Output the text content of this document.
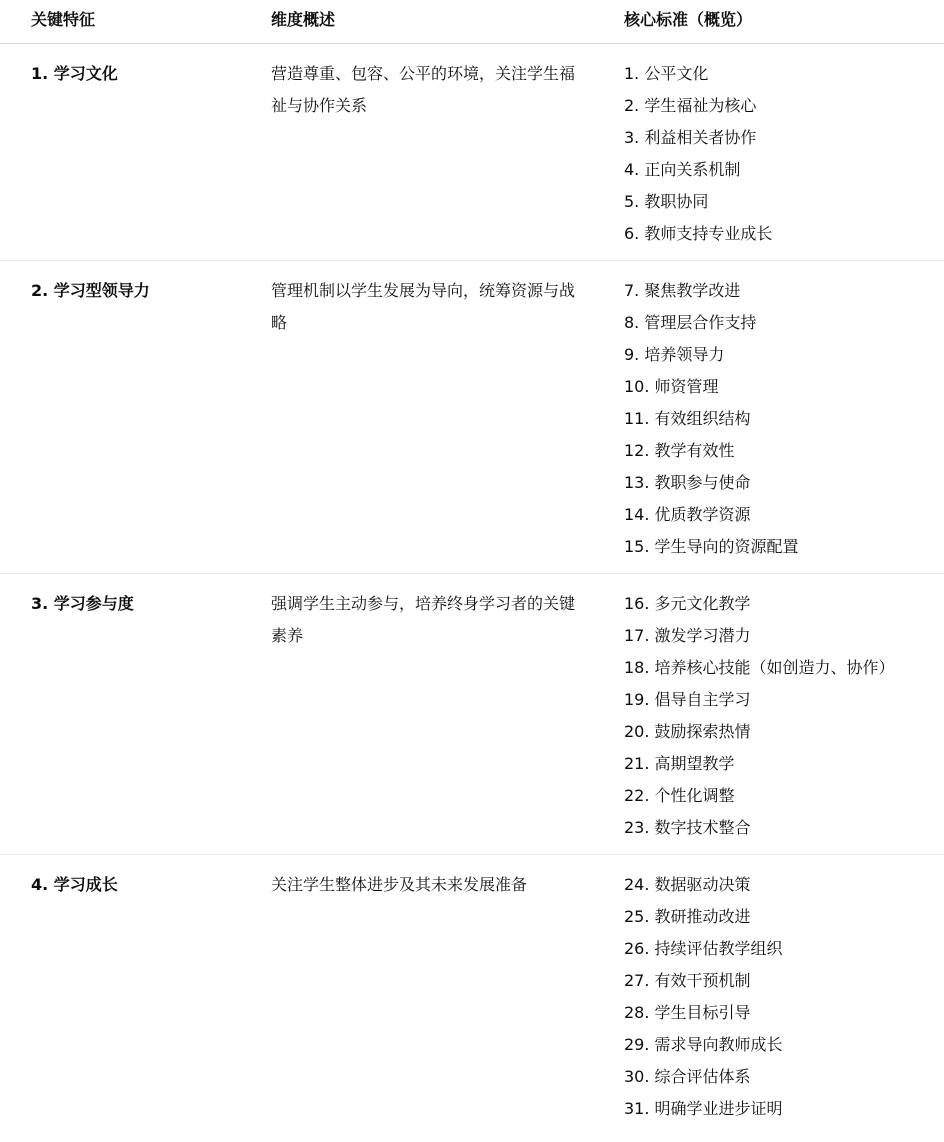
关键特征	维度概述	核心标准（概览）
1. 学习文化	营造尊重、包容、公平的环境，关注学生福祉与协作关系
1. 公平文化
2. 学生福祉为核心
3. 利益相关者协作
4. 正向关系机制
5. 教职协同
6. 教师支持专业成长
2. 学习型领导力	管理机制以学生发展为导向，统筹资源与战略
7. 聚焦教学改进
8. 管理层合作支持
9. 培养领导力
10. 师资管理
11. 有效组织结构
12. 教学有效性
13. 教职参与使命
14. 优质教学资源
15. 学生导向的资源配置
3. 学习参与度	强调学生主动参与，培养终身学习者的关键素养
16. 多元文化教学
17. 激发学习潜力
18. 培养核心技能（如创造力、协作）
19. 倡导自主学习
20. 鼓励探索热情
21. 高期望教学
22. 个性化调整
23. 数字技术整合
4. 学习成长	关注学生整体进步及其未来发展准备	24. 数据驱动决策
25. 教研推动改进
26. 持续评估教学组织
27. 有效干预机制
28. 学生目标引导
29. 需求导向教师成长
30. 综合评估体系
31. 明确学业进步证明
